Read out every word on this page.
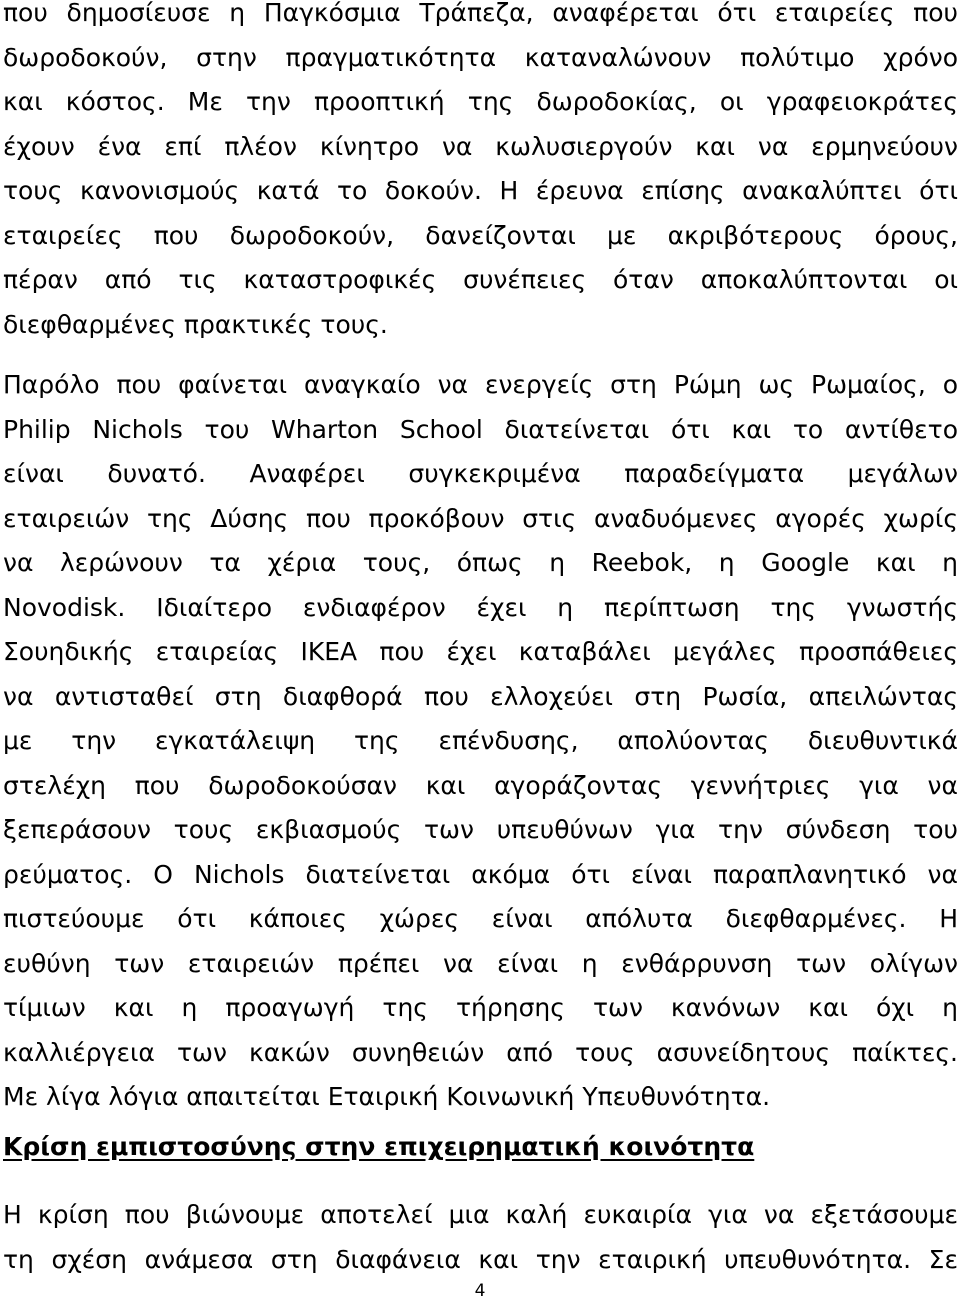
που δημοσίευσε η Παγκόσμια Τράπεζα, αναφέρεται ότι εταιρείες που
δωροδοκούν, στην πραγματικότητα καταναλώνουν πολύτιμο χρόνο
και κόστος. Με την προοπτική της δωροδοκίας, οι γραφειοκράτες
έχουν ένα επί πλέον κίνητρο να κωλυσιεργούν και να ερμηνεύουν
τους κανονισμούς κατά το δοκούν. Η έρευνα επίσης ανακαλύπτει ότι
εταιρείες που δωροδοκούν, δανείζονται με ακριβότερους όρους,
πέραν από τις καταστροφικές συνέπειες όταν αποκαλύπτονται οι
διεφθαρμένες πρακτικές τους.

Παρόλο που φαίνεται αναγκαίο να ενεργείς στη Ρώμη ως Ρωμαίος, ο
Philip Nichols του Wharton School διατείνεται ότι και το αντίθετο
είναι δυνατό. Αναφέρει συγκεκριμένα παραδείγματα μεγάλων
εταιρειών της Δύσης που προκόβουν στις αναδυόμενες αγορές χωρίς
να λερώνουν τα χέρια τους, όπως η Reebok, η Google και η
Novodisk. Ιδιαίτερο ενδιαφέρον έχει η περίπτωση της γνωστής
Σουηδικής εταιρείας ΙΚΕΑ που έχει καταβάλει μεγάλες προσπάθειες
να αντισταθεί στη διαφθορά που ελλοχεύει στη Ρωσία, απειλώντας
με την εγκατάλειψη της επένδυσης, απολύοντας διευθυντικά
στελέχη που δωροδοκούσαν και αγοράζοντας γεννήτριες για να
ξεπεράσουν τους εκβιασμούς των υπευθύνων για την σύνδεση του
ρεύματος. Ο Nichols διατείνεται ακόμα ότι είναι παραπλανητικό να
πιστεύουμε ότι κάποιες χώρες είναι απόλυτα διεφθαρμένες. Η
ευθύνη των εταιρειών πρέπει να είναι η ενθάρρυνση των ολίγων
τίμιων και η προαγωγή της τήρησης των κανόνων και όχι η
καλλιέργεια των κακών συνηθειών από τους ασυνείδητους παίκτες.
Με λίγα λόγια απαιτείται Εταιρική Κοινωνική Υπευθυνότητα.

Κρίση εμπιστοσύνης στην επιχειρηματική κοινότητα

Η κρίση που βιώνουμε αποτελεί μια καλή ευκαιρία για να εξετάσουμε
τη σχέση ανάμεσα στη διαφάνεια και την εταιρική υπευθυνότητα. Σε

4
